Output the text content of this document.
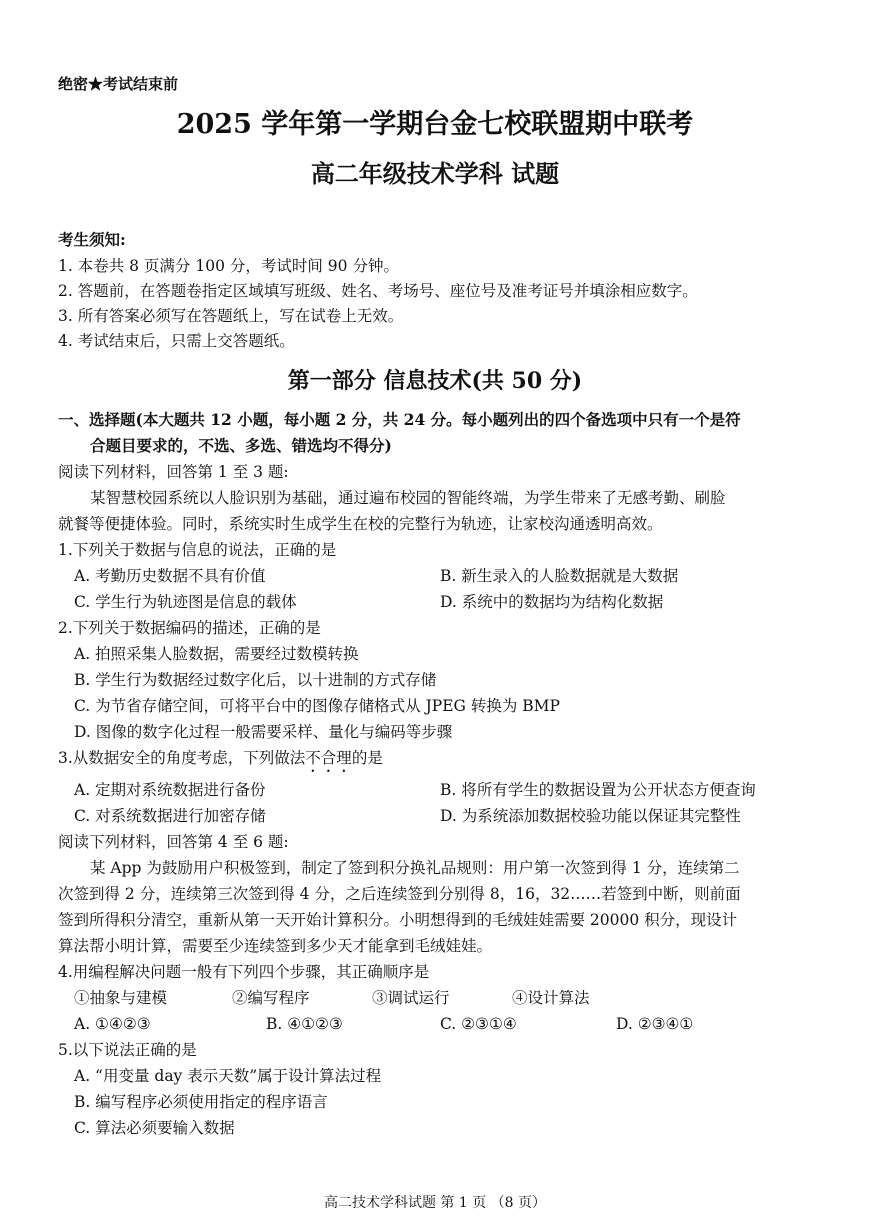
绝密★考试结束前
2025 学年第一学期台金七校联盟期中联考
高二年级技术学科 试题
考生须知:
1. 本卷共 8 页满分 100 分，考试时间 90 分钟。
2. 答题前，在答题卷指定区域填写班级、姓名、考场号、座位号及准考证号并填涂相应数字。
3. 所有答案必须写在答题纸上，写在试卷上无效。
4. 考试结束后，只需上交答题纸。
第一部分 信息技术(共 50 分)
一、选择题(本大题共 12 小题，每小题 2 分，共 24 分。每小题列出的四个备选项中只有一个是符
合题目要求的，不选、多选、错选均不得分)
阅读下列材料，回答第 1 至 3 题:
某智慧校园系统以人脸识别为基础，通过遍布校园的智能终端，为学生带来了无感考勤、刷脸
就餐等便捷体验。同时，系统实时生成学生在校的完整行为轨迹，让家校沟通透明高效。
1.下列关于数据与信息的说法，正确的是
A. 考勤历史数据不具有价值	B. 新生录入的人脸数据就是大数据
C. 学生行为轨迹图是信息的载体	D. 系统中的数据均为结构化数据
2.下列关于数据编码的描述，正确的是
A. 拍照采集人脸数据，需要经过数模转换
B. 学生行为数据经过数字化后，以十进制的方式存储
C. 为节省存储空间，可将平台中的图像存储格式从 JPEG 转换为 BMP
D. 图像的数字化过程一般需要采样、量化与编码等步骤
3.从数据安全的角度考虑，下列做法不合理的是
A. 定期对系统数据进行备份	B. 将所有学生的数据设置为公开状态方便查询
C. 对系统数据进行加密存储	D. 为系统添加数据校验功能以保证其完整性
阅读下列材料，回答第 4 至 6 题:
某 App 为鼓励用户积极签到，制定了签到积分换礼品规则：用户第一次签到得 1 分，连续第二
次签到得 2 分，连续第三次签到得 4 分，之后连续签到分别得 8，16，32……若签到中断，则前面
签到所得积分清空，重新从第一天开始计算积分。小明想得到的毛绒娃娃需要 20000 积分，现设计
算法帮小明计算，需要至少连续签到多少天才能拿到毛绒娃娃。
4.用编程解决问题一般有下列四个步骤，其正确顺序是
①抽象与建模	②编写程序	③调试运行	④设计算法
A. ①④②③	B. ④①②③	C. ②③①④	D. ②③④①
5.以下说法正确的是
A. “用变量 day 表示天数”属于设计算法过程
B. 编写程序必须使用指定的程序语言
C. 算法必须要输入数据
高二技术学科试题 第 1 页 （8 页）
